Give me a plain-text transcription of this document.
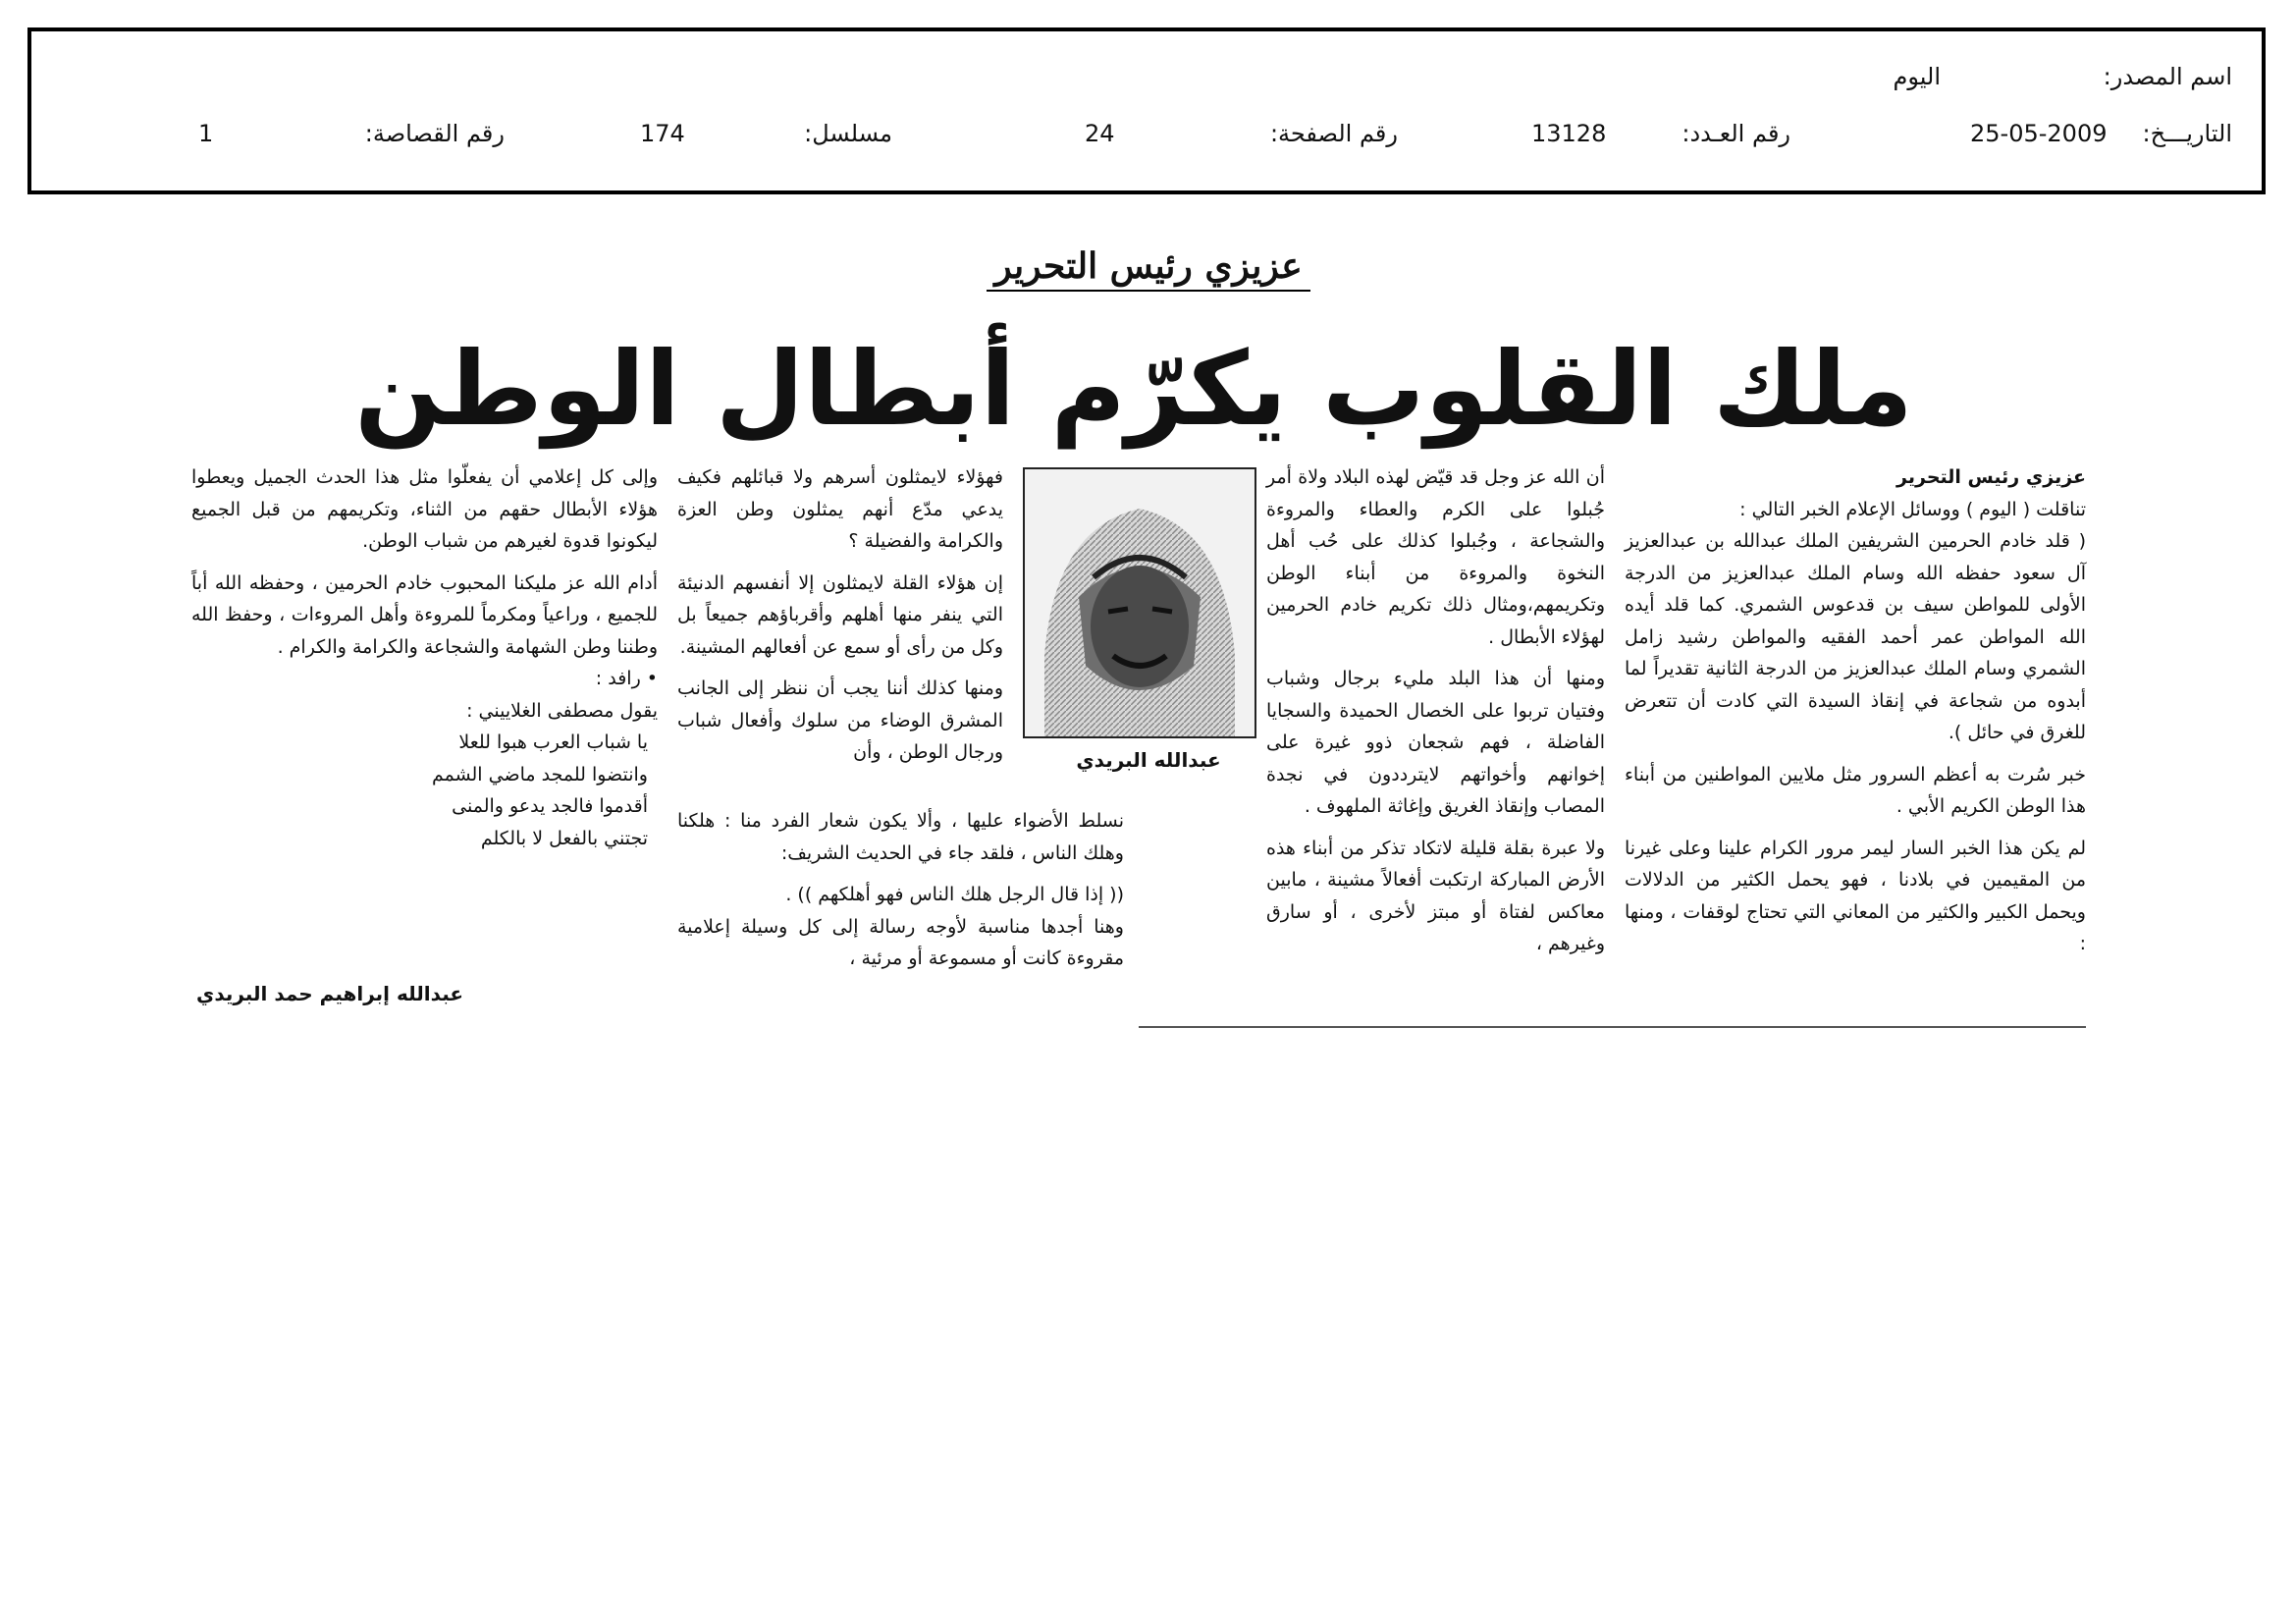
اسم المصدر:
اليوم
التاريـــخ:
25-05-2009
رقم العـدد:
13128
رقم الصفحة:
24
مسلسل:
174
رقم القصاصة:
1
عزيزي رئيس التحرير
ملك القلوب يكرّم أبطال الوطن

عزيزي رئيس التحرير

تناقلت ( اليوم ) ووسائل الإعلام الخبر التالي :

( قلد خادم الحرمين الشريفين الملك عبدالله بن عبدالعزيز آل سعود حفظه الله وسام الملك عبدالعزيز من الدرجة الأولى للمواطن سيف بن قدعوس الشمري. كما قلد أيده الله المواطن عمر أحمد الفقيه والمواطن رشيد زامل الشمري وسام الملك عبدالعزيز من الدرجة الثانية تقديراً لما أبدوه من شجاعة في إنقاذ السيدة التي كادت أن تتعرض للغرق في حائل ).

خبر سُرت به أعظم السرور مثل ملايين المواطنين من أبناء هذا الوطن الكريم الأبي .

لم يكن هذا الخبر السار ليمر مرور الكرام علينا وعلى غيرنا من المقيمين في بلادنا ، فهو يحمل الكثير من الدلالات ويحمل الكبير والكثير من المعاني التي تحتاج لوقفات ، ومنها :

أن الله عز وجل قد قيّض لهذه البلاد ولاة أمر جُبلوا على الكرم والعطاء والمروءة والشجاعة ، وجُبلوا كذلك على حُب أهل النخوة والمروءة من أبناء الوطن وتكريمهم،ومثال ذلك تكريم خادم الحرمين لهؤلاء الأبطال .

ومنها أن هذا البلد مليء برجال وشباب وفتيان تربوا على الخصال الحميدة والسجايا الفاضلة ، فهم شجعان ذوو غيرة على إخوانهم وأخواتهم لايترددون في نجدة المصاب وإنقاذ الغريق وإغاثة الملهوف .

ولا عبرة بقلة قليلة لاتكاد تذكر من أبناء هذه الأرض المباركة ارتكبت أفعالاً مشينة ، مابين معاكس لفتاة أو مبتز لأخرى ، أو سارق وغيرهم ،

عبدالله البريدي

فهؤلاء لايمثلون أسرهم ولا قبائلهم فكيف يدعي مدّع أنهم يمثلون وطن العزة والكرامة والفضيلة ؟

إن هؤلاء القلة لايمثلون إلا أنفسهم الدنيئة التي ينفر منها أهلهم وأقرباؤهم جميعاً بل وكل من رأى أو سمع عن أفعالهم المشينة.

ومنها كذلك أننا يجب أن ننظر إلى الجانب المشرق الوضاء من سلوك وأفعال شباب ورجال الوطن ، وأن

نسلط الأضواء عليها ، وألا يكون شعار الفرد منا : هلكنا وهلك الناس ، فلقد جاء في الحديث الشريف:

(( إذا قال الرجل هلك الناس فهو أهلكهم )) .

وهنا أجدها مناسبة لأوجه رسالة إلى كل وسيلة إعلامية مقروءة كانت أو مسموعة أو مرئية ،

وإلى كل إعلامي أن يفعلّوا مثل هذا الحدث الجميل ويعطوا هؤلاء الأبطال حقهم من الثناء، وتكريمهم من قبل الجميع ليكونوا قدوة لغيرهم من شباب الوطن.

أدام الله عز مليكنا المحبوب خادم الحرمين ، وحفظه الله أباً للجميع ، وراعياً ومكرماً للمروءة وأهل المروءات ، وحفظ الله وطننا وطن الشهامة والشجاعة والكرامة والكرام .

• رافد :

يقول مصطفى الغلاييني :

يا شباب العرب هبوا للعلا

وانتضوا للمجد ماضي الشمم

أقدموا فالجد يدعو والمنى

تجتني بالفعل لا بالكلم

عبدالله إبراهيم حمد البريدي
